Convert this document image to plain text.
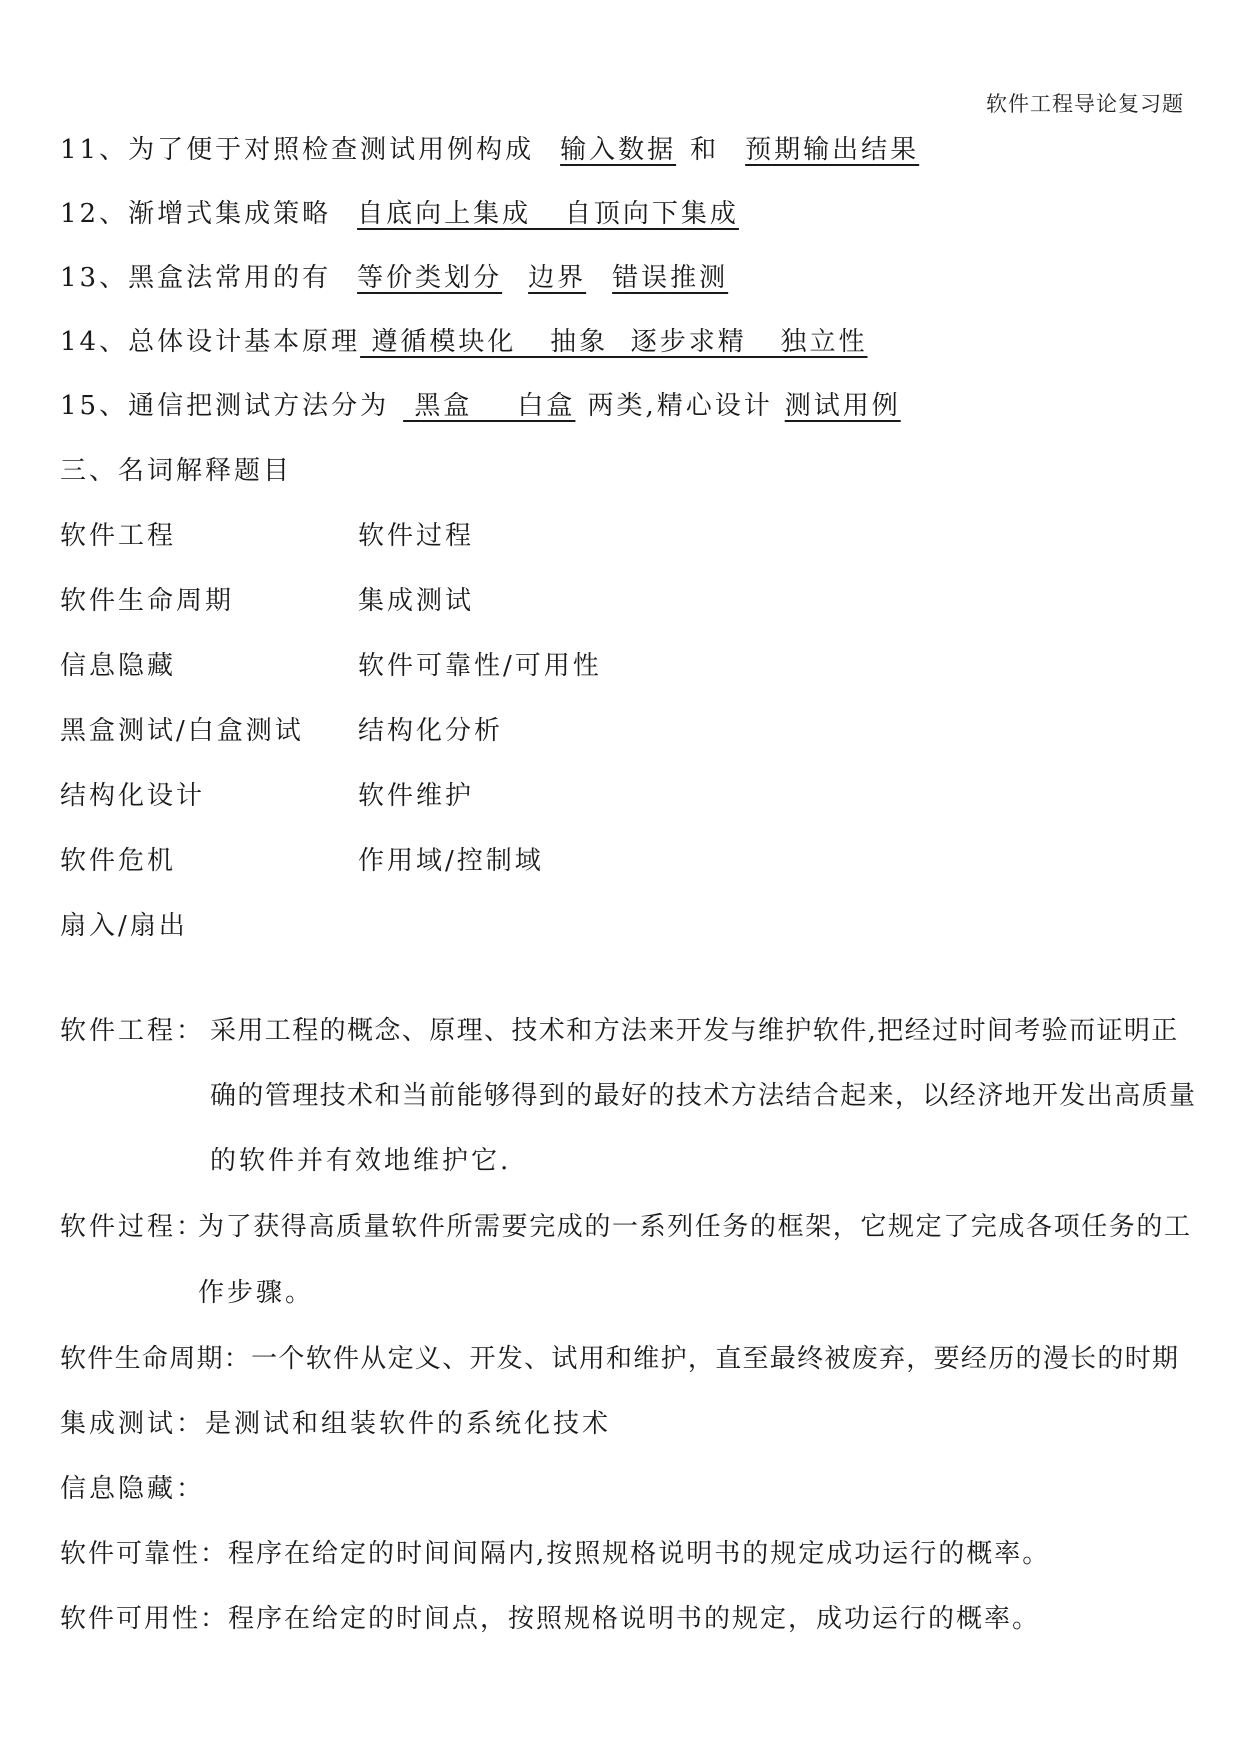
软件工程导论复习题
11、为了便于对照检查测试用例构成 输入数据 和 预期输出结果
12、渐增式集成策略 自底向上集成   自顶向下集成
13、黑盒法常用的有 等价类划分 边界 错误推测
14、总体设计基本原理 遵循模块化   抽象  逐步求精   独立性
15、通信把测试方法分为 黑盒    白盒 两类,精心设计 测试用例
三、名词解释题目
软件工程	软件过程
软件生命周期	集成测试
信息隐藏	软件可靠性/可用性
黑盒测试/白盒测试 结构化分析
结构化设计	软件维护
软件危机	作用域/控制域
扇入/扇出
软件工程： 采用工程的概念、原理、技术和方法来开发与维护软件,把经过时间考验而证明正
确的管理技术和当前能够得到的最好的技术方法结合起来，以经济地开发出高质量
的软件并有效地维护它.
软件过程：
为了获得高质量软件所需要完成的一系列任务的框架，它规定了完成各项任务的工
作步骤。
软件生命周期：一个软件从定义、开发、试用和维护，直至最终被废弃，要经历的漫长的时期
集成测试：是测试和组装软件的系统化技术
信息隐藏：
软件可靠性：程序在给定的时间间隔内,按照规格说明书的规定成功运行的概率。
软件可用性：程序在给定的时间点，按照规格说明书的规定，成功运行的概率。
